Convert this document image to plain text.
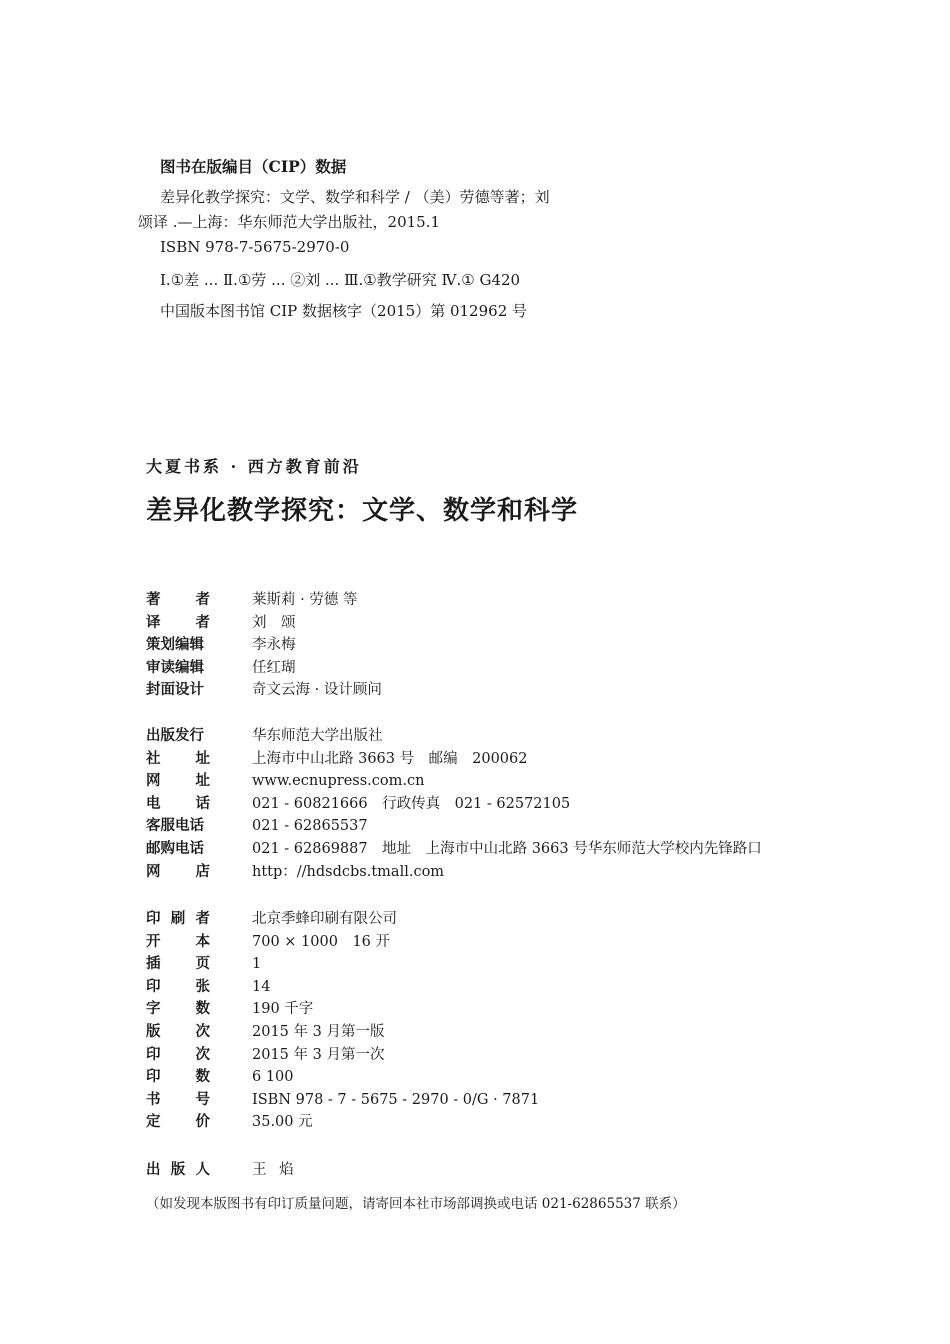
图书在版编目（CIP）数据
差异化教学探究：文学、数学和科学 / （美）劳德等著；刘
颂译 .—上海：华东师范大学出版社，2015.1
ISBN 978-7-5675-2970-0
Ⅰ.①差 ... Ⅱ.①劳 ... ②刘 ... Ⅲ.①教学研究 Ⅳ.① G420
中国版本图书馆 CIP 数据核字（2015）第 012962 号
大夏书系 · 西方教育前沿
差异化教学探究：文学、数学和科学
著 者	莱斯莉 · 劳德 等
译 者	刘　颂
策划编辑	李永梅
审读编辑	任红瑚
封面设计	奇文云海 · 设计顾问
出版发行	华东师范大学出版社
社 址	上海市中山北路 3663 号　邮编　200062
网 址	www.ecnupress.com.cn
电 话	021 - 60821666　行政传真　021 - 62572105
客服电话	021 - 62865537
邮购电话	021 - 62869887　地址　上海市中山北路 3663 号华东师范大学校内先锋路口
网 店	http：//hdsdcbs.tmall.com
印 刷 者	北京季蜂印刷有限公司
开 本	700 × 1000　16 开
插 页	1
印 张	14
字 数	190 千字
版 次	2015 年 3 月第一版
印 次	2015 年 3 月第一次
印 数	6 100
书 号	ISBN 978 - 7 - 5675 - 2970 - 0/G · 7871
定 价	35.00 元
出 版 人	王 焰
（如发现本版图书有印订质量问题，请寄回本社市场部调换或电话 021-62865537 联系）
